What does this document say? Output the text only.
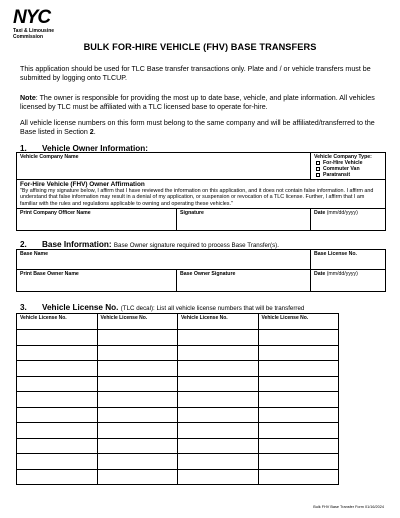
NYC
Taxi & Limousine
Commission
BULK FOR-HIRE VEHICLE (FHV) BASE TRANSFERS
This application should be used for TLC Base transfer transactions only. Plate and / or vehicle transfers must be submitted by logging onto TLCUP.
Note: The owner is responsible for providing the most up to date base, vehicle, and plate information. All vehicles licensed by TLC must be affiliated with a TLC licensed base to operate for-hire.
All vehicle license numbers on this form must belong to the same company and will be affiliated/transferred to the Base listed in Section 2.
1. Vehicle Owner Information:
Vehicle Company Name		Vehicle Company Type:
For-Hire Vehicle
Commuter Van
Paratransit

For-Hire Vehicle (FHV) Owner Affirmation
"By affixing my signature below, I affirm that I have reviewed the information on this application, and it does not contain false information. I affirm and understand that false information may result in a denial of my application, or suspension or revocation of a TLC license. Further, I affirm that I am familiar with the rules and regulations applicable to owning and operating these vehicles."		

Print Company Officer Name	Signature	Date (mm/dd/yyyy)
2. Base Information: Base Owner signature required to process Base Transfer(s).
Base Name		Base License No.
Print Base Owner Name	Base Owner Signature	Date (mm/dd/yyyy)
3. Vehicle License No. (TLC decal): List all vehicle license numbers that will be transferred
Vehicle License No.	Vehicle License No.	Vehicle License No.	Vehicle License No.

Bulk FHV Base Transfer Form 01/16/2024
